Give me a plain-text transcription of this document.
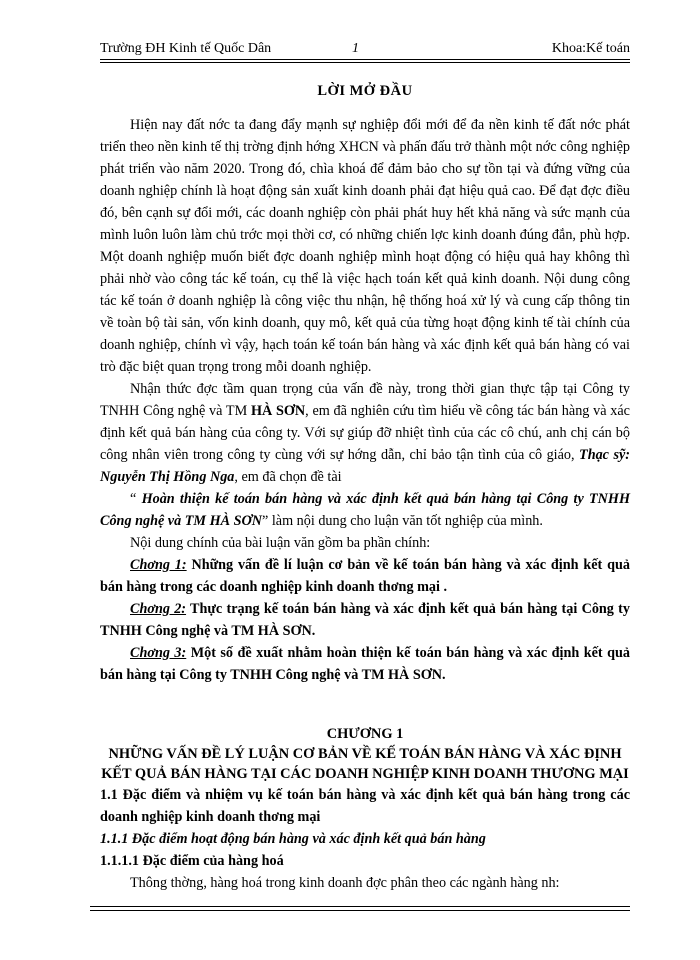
Trường ĐH Kinh tế Quốc Dân	1	Khoa:Kế toán
LỜI MỞ ĐẦU

Hiện nay đất nớc ta đang đẩy mạnh sự nghiệp đổi mới để đa nền kinh tế đất nớc phát triển theo nền kinh tế thị trờng định hớng XHCN và phấn đấu trở thành một nớc công nghiệp phát triển vào năm 2020. Trong đó, chìa khoá để đảm bảo cho sự tồn tại và đứng vững của doanh nghiệp chính là hoạt động sản xuất kinh doanh phải đạt hiệu quả cao. Để đạt đợc điều đó, bên cạnh sự đổi mới, các doanh nghiệp còn phải phát huy hết khả năng và sức mạnh của mình luôn luôn làm chủ trớc mọi thời cơ, có những chiến lợc kinh doanh đúng đắn, phù hợp. Một doanh nghiệp muốn biết đợc doanh nghiệp mình hoạt động có hiệu quả hay không thì phải nhờ vào công tác kế toán, cụ thể là việc hạch toán kết quả kinh doanh. Nội dung công tác kế toán ở doanh nghiệp là công việc thu nhận, hệ thống hoá xử lý và cung cấp thông tin về toàn bộ tài sản, vốn kinh doanh, quy mô, kết quả của từng hoạt động kinh tế tài chính của doanh nghiệp, chính vì vậy, hạch toán kế toán bán hàng và xác định kết quả bán hàng có vai trò đặc biệt quan trọng trong mỗi doanh nghiệp.

Nhận thức đợc tầm quan trọng của vấn đề này, trong thời gian thực tập tại Công ty TNHH Công nghệ và TM HÀ SƠN, em đã nghiên cứu tìm hiểu về công tác bán hàng và xác định kết quả bán hàng của công ty. Với sự giúp đỡ nhiệt tình của các cô chú, anh chị cán bộ công nhân viên trong công ty cùng với sự hớng dẫn, chỉ bảo tận tình của cô giáo, Thạc sỹ: Nguyễn Thị Hồng Nga, em đã chọn đề tài

“ Hoàn thiện kế toán bán hàng và xác định kết quả bán hàng tại Công ty TNHH Công nghệ và TM HÀ SƠN” làm nội dung cho luận văn tốt nghiệp của mình.

Nội dung chính của bài luận văn gồm ba phần chính:

Chơng 1: Những vấn đề lí luận cơ bản về kế toán bán hàng và xác định kết quả bán hàng trong các doanh nghiệp kinh doanh thơng mại .

Chơng 2: Thực trạng kế toán bán hàng và xác định kết quả bán hàng tại Công ty TNHH Công nghệ và TM HÀ SƠN.

Chơng 3: Một số đề xuất nhằm hoàn thiện kế toán bán hàng và xác định kết quả bán hàng tại Công ty TNHH Công nghệ và TM HÀ SƠN.

CHƯƠNG 1
NHỮNG VẤN ĐỀ LÝ LUẬN CƠ BẢN VỀ KẾ TOÁN BÁN HÀNG VÀ XÁC ĐỊNH KẾT QUẢ BÁN HÀNG TẠI CÁC DOANH NGHIỆP KINH DOANH THƯƠNG MẠI

1.1 Đặc điểm và nhiệm vụ kế toán bán hàng và xác định kết quả bán hàng trong các doanh nghiệp kinh doanh thơng mại

1.1.1 Đặc điểm hoạt động bán hàng và xác định kết quả bán hàng

1.1.1.1 Đặc điểm của hàng hoá

Thông thờng, hàng hoá trong kinh doanh đợc phân theo các ngành hàng nh:
